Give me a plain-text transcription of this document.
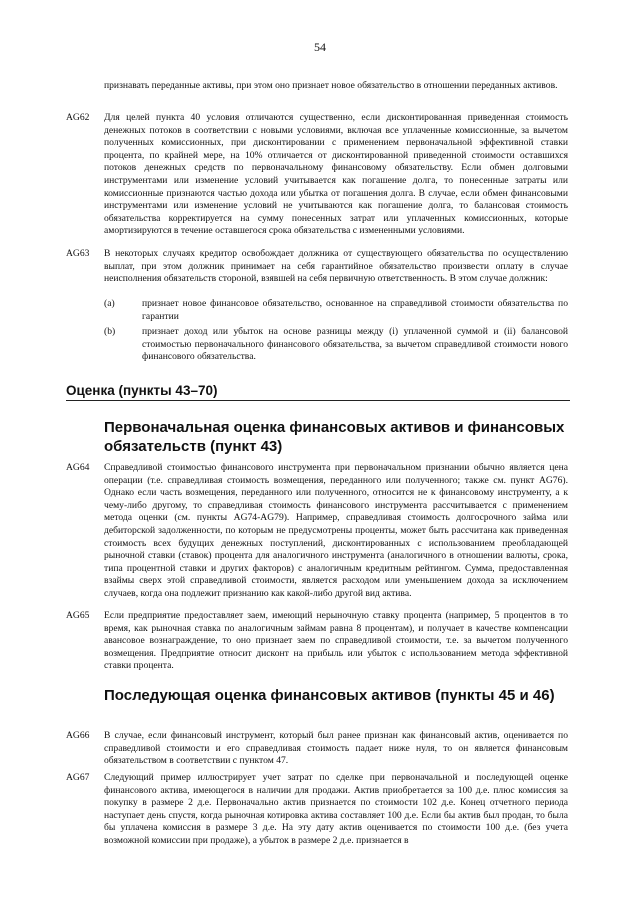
54
признавать переданные активы, при этом оно признает новое обязательство в отношении переданных активов.
AG62 Для целей пункта 40 условия отличаются существенно, если дисконтированная приведенная стоимость денежных потоков в соответствии с новыми условиями, включая все уплаченные комиссионные, за вычетом полученных комиссионных, при дисконтировании с применением первоначальной эффективной ставки процента, по крайней мере, на 10% отличается от дисконтированной приведенной стоимости оставшихся потоков денежных средств по первоначальному финансовому обязательству. Если обмен долговыми инструментами или изменение условий учитывается как погашение долга, то понесенные затраты или комиссионные признаются частью дохода или убытка от погашения долга. В случае, если обмен финансовыми инструментами или изменение условий не учитываются как погашение долга, то балансовая стоимость обязательства корректируется на сумму понесенных затрат или уплаченных комиссионных, которые амортизируются в течение оставшегося срока обязательства с измененными условиями.
AG63 В некоторых случаях кредитор освобождает должника от существующего обязательства по осуществлению выплат, при этом должник принимает на себя гарантийное обязательство произвести оплату в случае неисполнения обязательств стороной, взявшей на себя первичную ответственность. В этом случае должник:
(a)	признает новое финансовое обязательство, основанное на справедливой стоимости обязательства по гарантии
(b)	признает доход или убыток на основе разницы между (i) уплаченной суммой и (ii) балансовой стоимостью первоначального финансового обязательства, за вычетом справедливой стоимости нового финансового обязательства.
Оценка (пункты 43–70)
Первоначальная оценка финансовых активов и финансовых обязательств (пункт 43)
AG64 Справедливой стоимостью финансового инструмента при первоначальном признании обычно является цена операции (т.е. справедливая стоимость возмещения, переданного или полученного; также см. пункт AG76). Однако если часть возмещения, переданного или полученного, относится не к финансовому инструменту, а к чему-либо другому, то справедливая стоимость финансового инструмента рассчитывается с применением метода оценки (см. пункты AG74-AG79). Например, справедливая стоимость долгосрочного займа или дебиторской задолженности, по которым не предусмотрены проценты, может быть рассчитана как приведенная стоимость всех будущих денежных поступлений, дисконтированных с использованием преобладающей рыночной ставки (ставок) процента для аналогичного инструмента (аналогичного в отношении валюты, срока, типа процентной ставки и других факторов) с аналогичным кредитным рейтингом. Сумма, предоставленная взаймы сверх этой справедливой стоимости, является расходом или уменьшением дохода за исключением случаев, когда она подлежит признанию как какой-либо другой вид актива.
AG65 Если предприятие предоставляет заем, имеющий нерыночную ставку процента (например, 5 процентов в то время, как рыночная ставка по аналогичным займам равна 8 процентам), и получает в качестве компенсации авансовое вознаграждение, то оно признает заем по справедливой стоимости, т.е. за вычетом полученного возмещения. Предприятие относит дисконт на прибыль или убыток с использованием метода эффективной ставки процента.
Последующая оценка финансовых активов (пункты 45 и 46)
AG66 В случае, если финансовый инструмент, который был ранее признан как финансовый актив, оценивается по справедливой стоимости и его справедливая стоимость падает ниже нуля, то он является финансовым обязательством в соответствии с пунктом 47.
AG67 Следующий пример иллюстрирует учет затрат по сделке при первоначальной и последующей оценке финансового актива, имеющегося в наличии для продажи. Актив приобретается за 100 д.е. плюс комиссия за покупку в размере 2 д.е. Первоначально актив признается по стоимости 102 д.е. Конец отчетного периода наступает день спустя, когда рыночная котировка актива составляет 100 д.е. Если бы актив был продан, то была бы уплачена комиссия в размере 3 д.е. На эту дату актив оценивается по стоимости 100 д.е. (без учета возможной комиссии при продаже), а убыток в размере 2 д.е. признается в
